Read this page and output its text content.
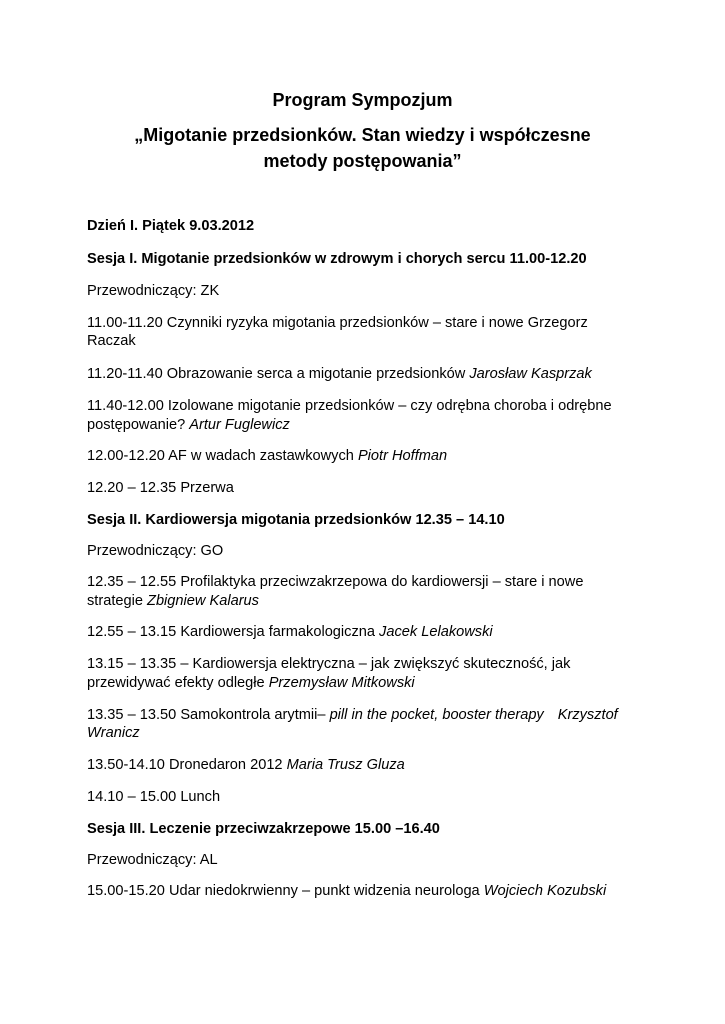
Program Sympozjum
„Migotanie przedsionków. Stan wiedzy i współczesne
metody postępowania”

Dzień I. Piątek 9.03.2012

Sesja I. Migotanie przedsionków w zdrowym i chorych sercu 11.00-12.20

Przewodniczący: ZK

11.00-11.20 Czynniki ryzyka migotania przedsionków – stare i nowe Grzegorz

Raczak

11.20-11.40 Obrazowanie serca a migotanie przedsionków Jarosław Kasprzak

11.40-12.00 Izolowane migotanie przedsionków – czy odrębna choroba i odrębne

postępowanie? Artur Fuglewicz

12.00-12.20 AF w wadach zastawkowych Piotr Hoffman

12.20 – 12.35 Przerwa

Sesja II. Kardiowersja migotania przedsionków 12.35 – 14.10

Przewodniczący: GO

12.35 – 12.55 Profilaktyka przeciwzakrzepowa do kardiowersji – stare i nowe

strategie Zbigniew Kalarus

12.55 – 13.15 Kardiowersja farmakologiczna Jacek Lelakowski

13.15 – 13.35 – Kardiowersja elektryczna – jak zwiększyć skuteczność, jak

przewidywać efekty odległe Przemysław Mitkowski

13.35 – 13.50 Samokontrola arytmii– pill in the pocket, booster therapy Krzysztof

Wranicz

13.50-14.10 Dronedaron 2012 Maria Trusz Gluza

14.10 – 15.00 Lunch

Sesja III. Leczenie przeciwzakrzepowe 15.00 –16.40

Przewodniczący: AL

15.00-15.20 Udar niedokrwienny – punkt widzenia neurologa Wojciech Kozubski
